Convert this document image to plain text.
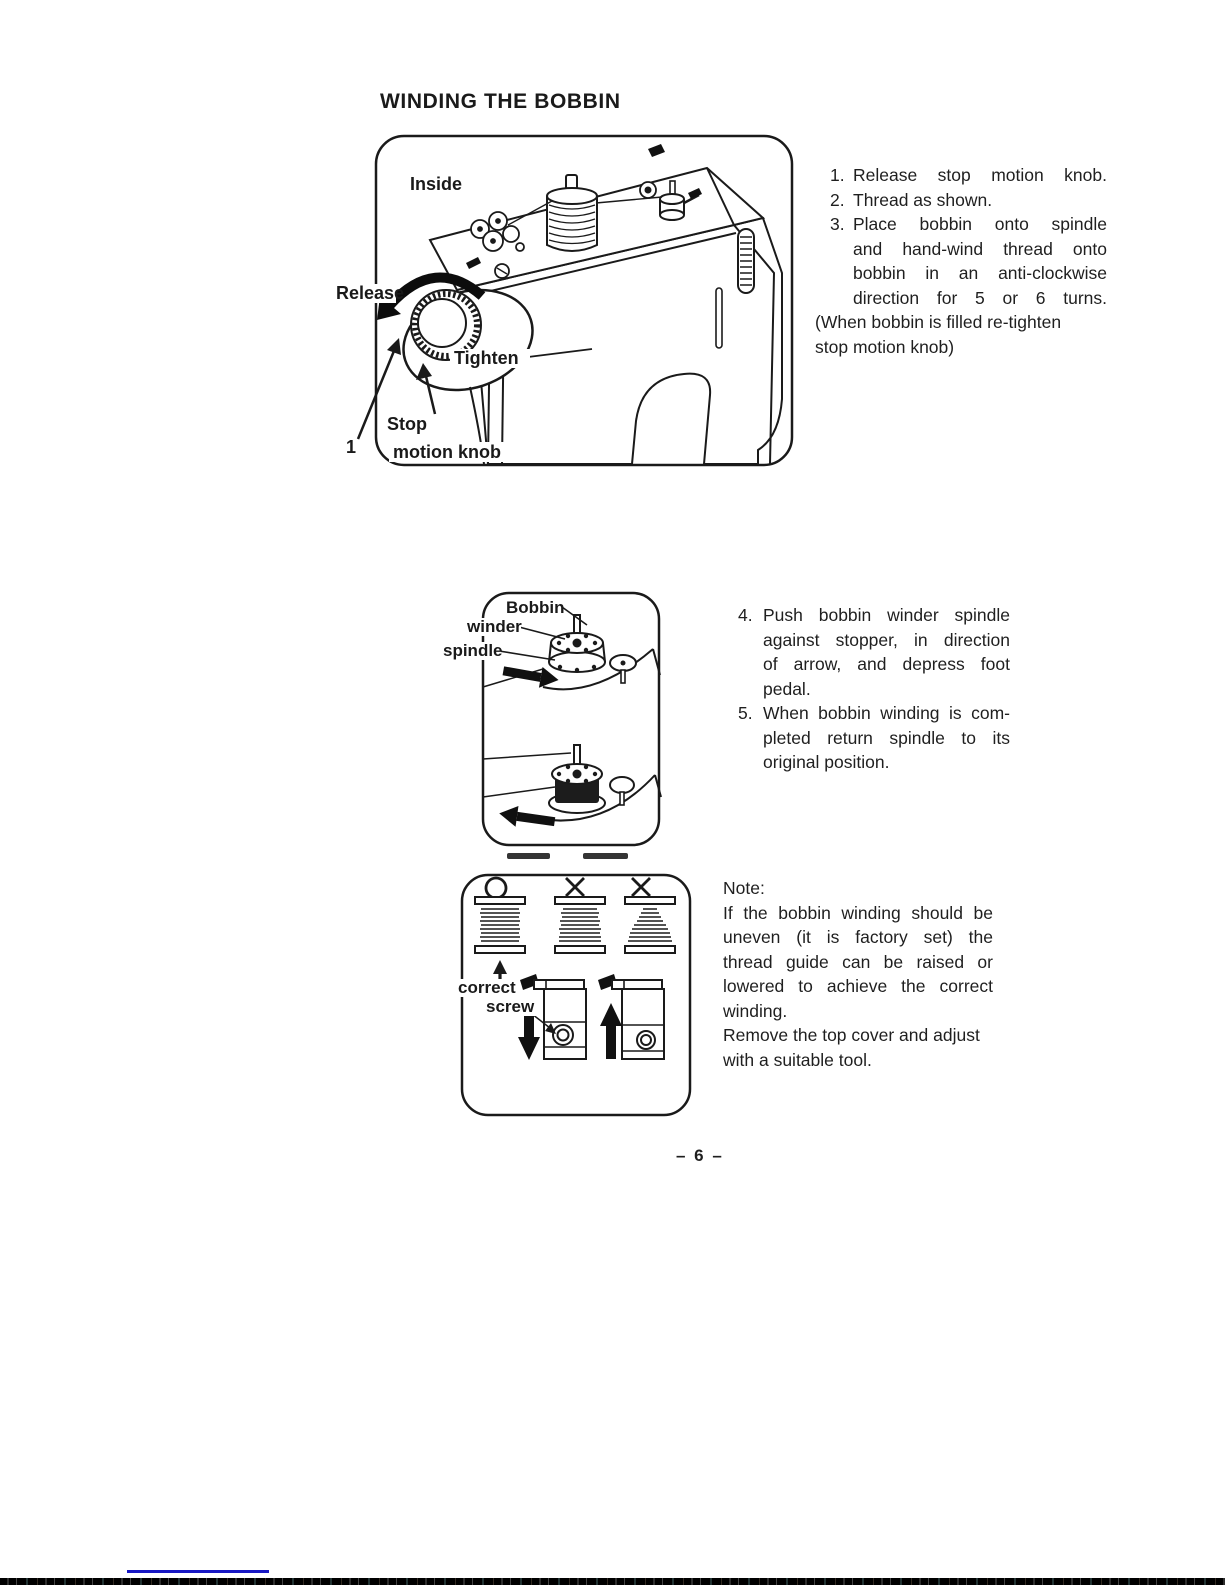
WINDING THE BOBBIN
Inside
Release
Tighten
Stop
motion knob
1
1. Release stop motion knob.
2. Thread as shown.
3. Place bobbin onto spindle
and hand-wind thread onto
bobbin in an anti-clockwise
direction for 5 or 6 turns.
(When bobbin is filled re-tighten
stop motion knob)
Bobbin
winder
spindle
4. Push bobbin winder spindle
against stopper, in direction
of arrow, and depress foot
pedal.
5. When bobbin winding is com-
pleted return spindle to its
original position.
correct
screw
Note:
If the bobbin winding should be
uneven (it is factory set) the
thread guide can be raised or
lowered to achieve the correct
winding.
Remove the top cover and adjust
with a suitable tool.
– 6 –
